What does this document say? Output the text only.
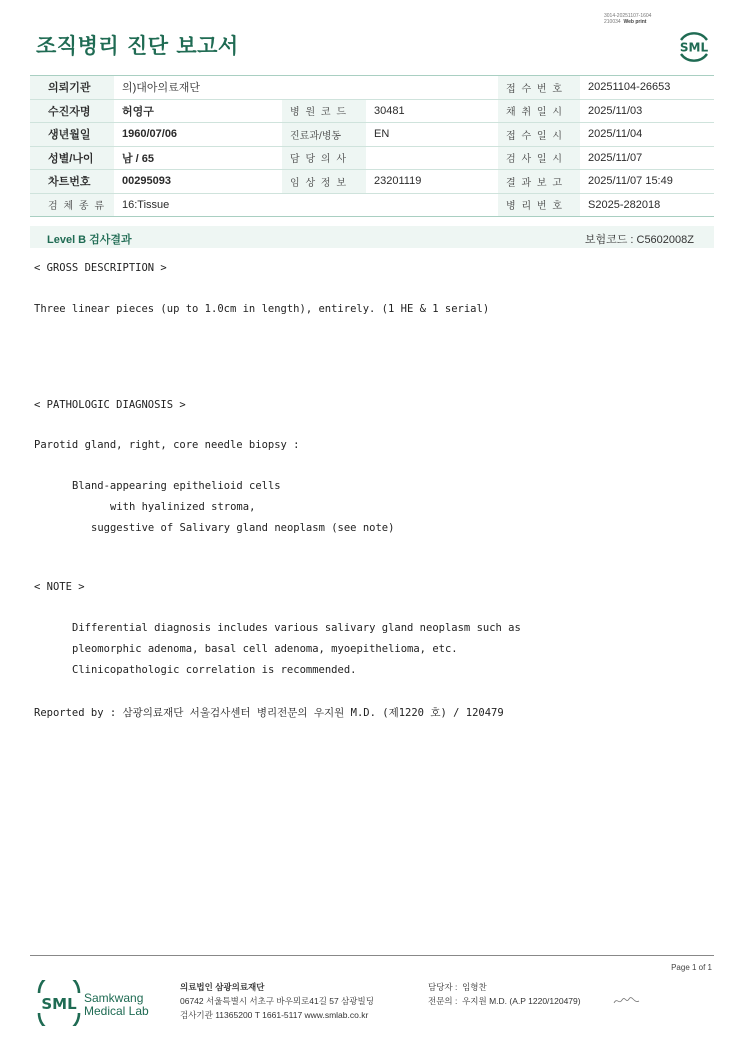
3014-20251107-1604
210034 Web print
조직병리 진단 보고서	SML
의뢰기관	의)대아의료재단			접 수 번 호	20251104-26653
수진자명	허영구	병 원 코 드	30481	채 취 일 시	2025/11/03
생년월일	1960/07/06	진료과/병동	EN	접 수 일 시	2025/11/04
성별/나이	남 / 65	담 당 의 사		검 사 일 시	2025/11/07
차트번호	00295093	임 상 정 보	23201119	결 과 보 고	2025/11/07 15:49
검 체 종 류	16:Tissue			병 리 번 호	S2025-282018
Level B 검사결과	보험코드 : C5602008Z
< GROSS DESCRIPTION >
Three linear pieces (up to 1.0cm in length), entirely. (1 HE & 1 serial)
< PATHOLOGIC DIAGNOSIS >
Parotid gland, right, core needle biopsy :
Bland-appearing epithelioid cells
with hyalinized stroma,
suggestive of Salivary gland neoplasm (see note)
< NOTE >
Differential diagnosis includes various salivary gland neoplasm such as
pleomorphic adenoma, basal cell adenoma, myoepithelioma, etc.
Clinicopathologic correlation is recommended.
Reported by : 삼광의료재단 서울검사센터 병리전문의 우지원 M.D. (제1220 호) / 120479
Page 1 of 1
SML Samkwang
Medical Lab
의료법인 삼광의료재단
06742 서울특별시 서초구 바우뫼로41길 57 삼광빌딩
검사기관 11365200 T 1661-5117 www.smlab.co.kr
담당자 : 임형찬
전문의 : 우지원 M.D. (A.P 1220/120479)
